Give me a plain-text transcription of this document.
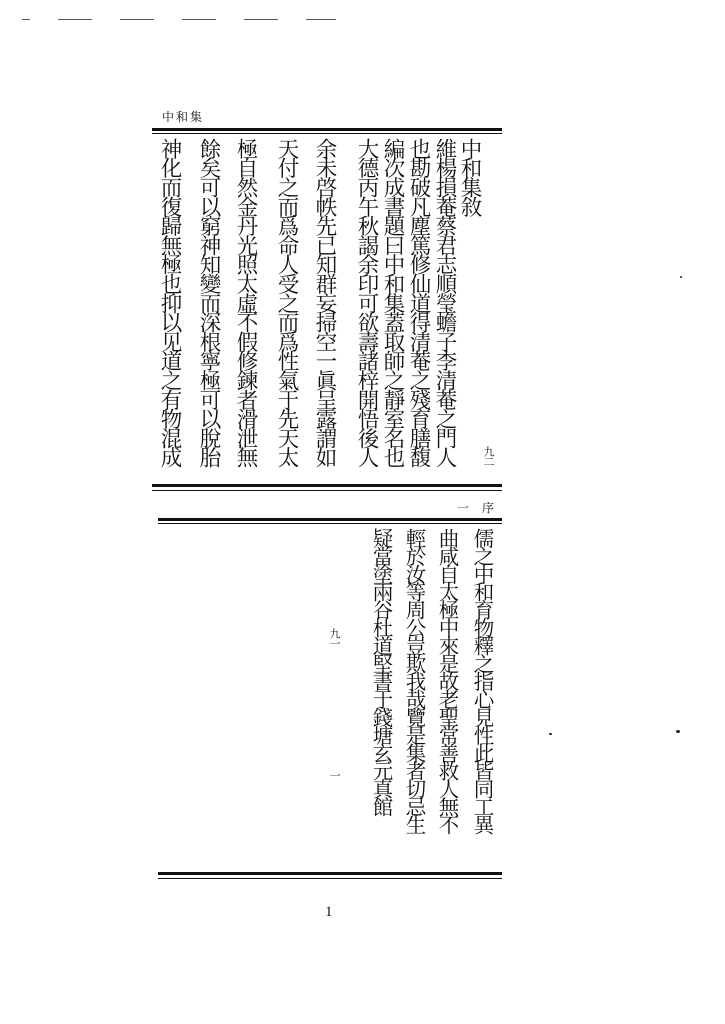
中和集
中和集敘
維楊損菴蔡君志順瑩蟾子李清菴之門人
也勘破凡塵篤修仙道得清菴之殘育膳馥
編次成書題曰中和集蓋取師之靜室名也
大德丙午秋謁余印可欲壽諸梓開悟後人
余未啓帙先已知群妄掃空一眞呈露謂如
天付之而爲命人受之而爲性氣于先天太
極自然金丹光照太虛不假修鍊者滑泄無
餘矣可以窮神知變而深根寧極可以脫胎
神化而復歸無極也抑以见道之有物混成	九二
一 序
儒之中和育物釋之指心見性此皆同工異
曲咸自太極中來是故老聖常善救人無不
輕於汝等周公豈欺我哉覽是集者切忌生
疑當塗兩谷杜道堅書于錢塘玄元真館
九一
一
1
